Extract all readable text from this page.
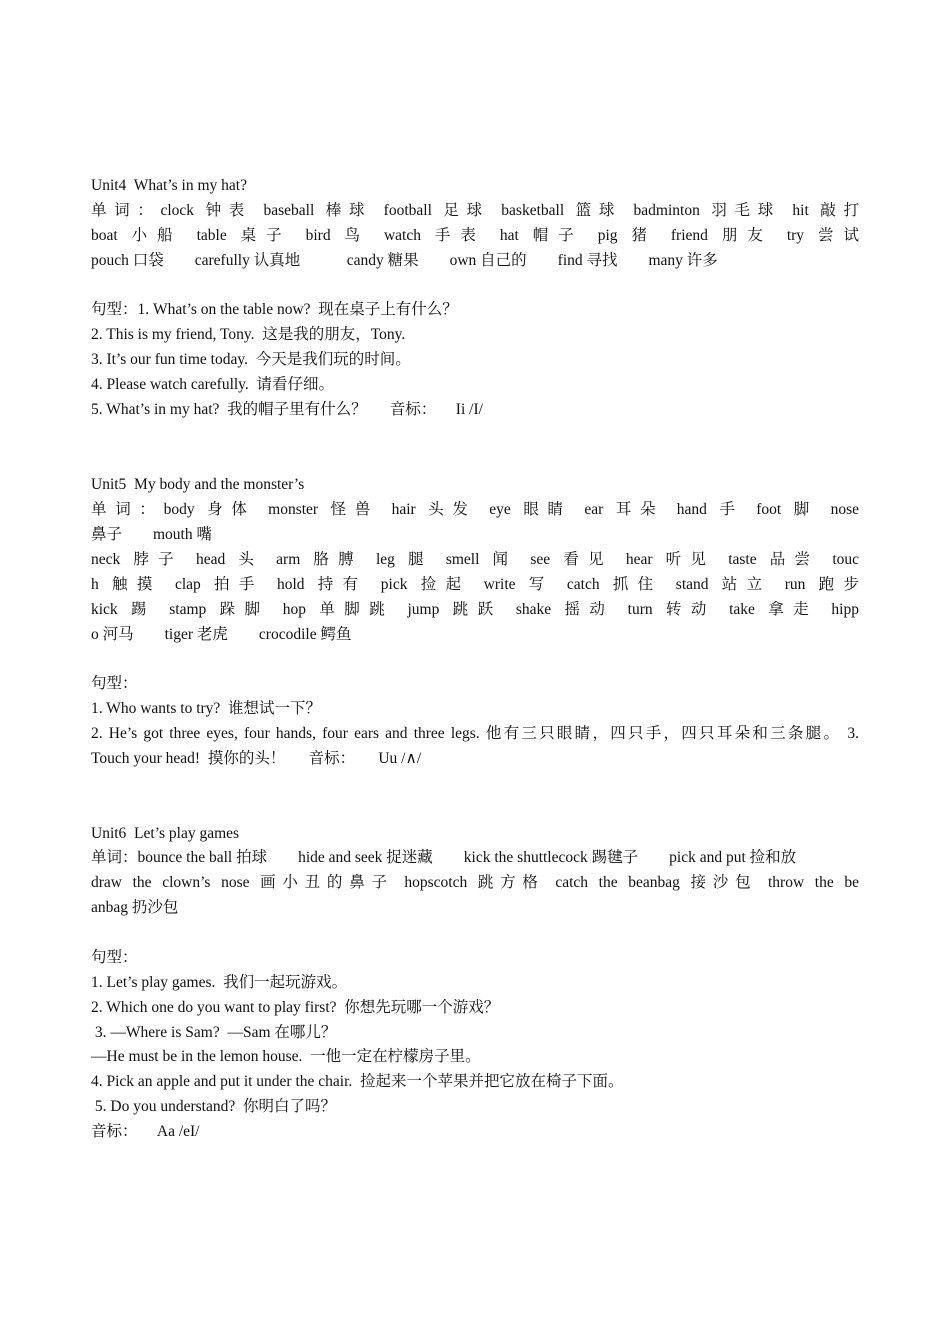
Unit4  What’s in my hat?
单词：clock 钟表 baseball 棒球 football 足球 basketball 篮球 badminton 羽毛球 hit 敲打
boat 小船 table 桌子 bird 鸟 watch 手表 hat 帽子 pig 猪 friend 朋友 try 尝试
pouch 口袋        carefully 认真地            candy 糖果        own 自己的        find 寻找        many 许多
句型：1. What’s on the table now?  现在桌子上有什么？
2. This is my friend, Tony.  这是我的朋友，Tony.
3. It’s our fun time today.  今天是我们玩的时间。
4. Please watch carefully.  请看仔细。
5. What’s in my hat?  我的帽子里有什么？      音标：     Ii /I/
Unit5  My body and the monster’s
单词：body 身体 monster 怪兽 hair 头发 eye 眼睛 ear 耳朵 hand 手 foot 脚 nose
鼻子        mouth 嘴
neck 脖子 head 头 arm 胳膊 leg 腿 smell 闻 see 看见 hear 听见 taste 品尝 touc
h 触摸 clap 拍手 hold 持有 pick 捡起 write 写 catch 抓住 stand 站立 run 跑步
kick 踢 stamp 跺脚 hop 单脚跳 jump 跳跃 shake 摇动 turn 转动 take 拿走 hipp
o 河马        tiger 老虎        crocodile 鳄鱼
句型：
1. Who wants to try?  谁想试一下？
2. He’s got three eyes, four hands, four ears and three legs. 他有三只眼睛，四只手，四只耳朵和三条腿。 3.
Touch your head!  摸你的头！      音标：      Uu /∧/
Unit6  Let’s play games
单词：bounce the ball 拍球        hide and seek 捉迷藏        kick the shuttlecock 踢毽子        pick and put 捡和放
draw the clown’s nose 画小丑的鼻子 hopscotch 跳方格 catch the beanbag 接沙包 throw the be
anbag 扔沙包
句型：
1. Let’s play games.  我们一起玩游戏。
2. Which one do you want to play first?  你想先玩哪一个游戏？
3. —Where is Sam?  —Sam 在哪儿？
—He must be in the lemon house.  一他一定在柠檬房子里。
4. Pick an apple and put it under the chair.  捡起来一个苹果并把它放在椅子下面。
5. Do you understand?  你明白了吗？
音标：     Aa /eI/
